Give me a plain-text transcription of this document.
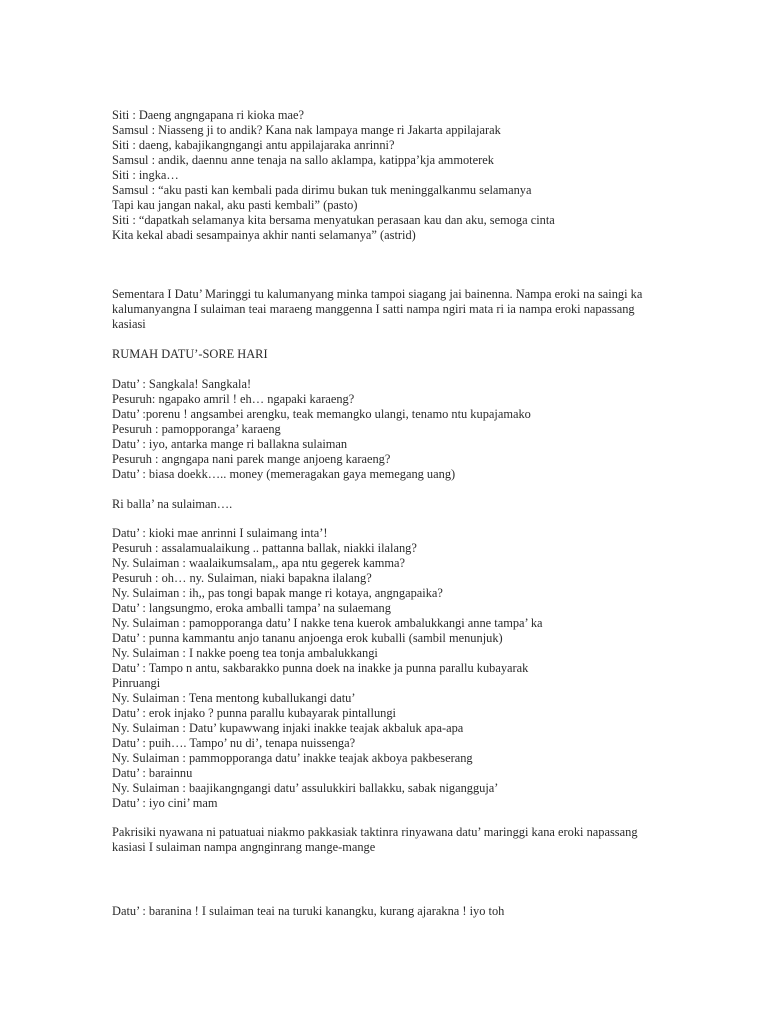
Siti : Daeng angngapana ri kioka mae?
Samsul : Niasseng ji to andik? Kana nak lampaya mange ri Jakarta appilajarak
Siti : daeng, kabajikangngangi antu appilajaraka anrinni?
Samsul : andik, daennu anne tenaja na sallo aklampa, katippa’kja ammoterek
Siti : ingka…
Samsul : “aku pasti kan kembali pada dirimu bukan tuk meninggalkanmu selamanya
Tapi kau jangan nakal, aku pasti kembali” (pasto)
Siti : “dapatkah selamanya kita bersama menyatukan perasaan kau dan aku, semoga cinta
Kita kekal abadi sesampainya akhir nanti selamanya” (astrid)
Sementara I Datu’ Maringgi tu kalumanyang minka tampoi siagang jai bainenna. Nampa eroki na saingi ka
kalumanyangna I sulaiman teai maraeng manggenna I satti nampa ngiri mata ri ia nampa eroki napassang
kasiasi
RUMAH DATU’-SORE HARI
Datu’ : Sangkala! Sangkala!
Pesuruh: ngapako amril ! eh… ngapaki karaeng?
Datu’ :porenu ! angsambei arengku, teak memangko ulangi, tenamo ntu kupajamako
Pesuruh : pamopporanga’ karaeng
Datu’ : iyo, antarka mange ri ballakna sulaiman
Pesuruh : angngapa nani parek mange anjoeng karaeng?
Datu’ : biasa doekk….. money (memeragakan gaya memegang uang)
Ri balla’ na sulaiman….
Datu’ : kioki mae anrinni I sulaimang inta’!
Pesuruh : assalamualaikung .. pattanna ballak, niakki ilalang?
Ny. Sulaiman : waalaikumsalam,, apa ntu gegerek kamma?
Pesuruh : oh… ny. Sulaiman, niaki bapakna ilalang?
Ny. Sulaiman : ih,, pas tongi bapak mange ri kotaya, angngapaika?
Datu’ : langsungmo, eroka amballi tampa’ na sulaemang
Ny. Sulaiman : pamopporanga datu’ I nakke tena kuerok ambalukkangi anne tampa’ ka
Datu’ : punna kammantu anjo tananu anjoenga erok kuballi (sambil menunjuk)
Ny. Sulaiman : I nakke poeng tea tonja ambalukkangi
Datu’ : Tampo n antu, sakbarakko punna doek na inakke ja punna parallu kubayarak
Pinruangi
Ny. Sulaiman : Tena mentong kuballukangi datu’
Datu’ : erok injako ? punna parallu kubayarak pintallungi
Ny. Sulaiman : Datu’ kupawwang injaki inakke teajak akbaluk apa-apa
Datu’ : puih…. Tampo’ nu di’, tenapa nuissenga?
Ny. Sulaiman : pammopporanga datu’ inakke teajak akboya pakbeserang
Datu’ : barainnu
Ny. Sulaiman : baajikangngangi datu’ assulukkiri ballakku, sabak nigangguja’
Datu’ : iyo cini’ mam
Pakrisiki nyawana ni patuatuai niakmo pakkasiak taktinra rinyawana datu’ maringgi kana eroki napassang
kasiasi I sulaiman nampa angnginrang mange-mange
Datu’ : baranina ! I sulaiman teai na turuki kanangku, kurang ajarakna ! iyo toh
